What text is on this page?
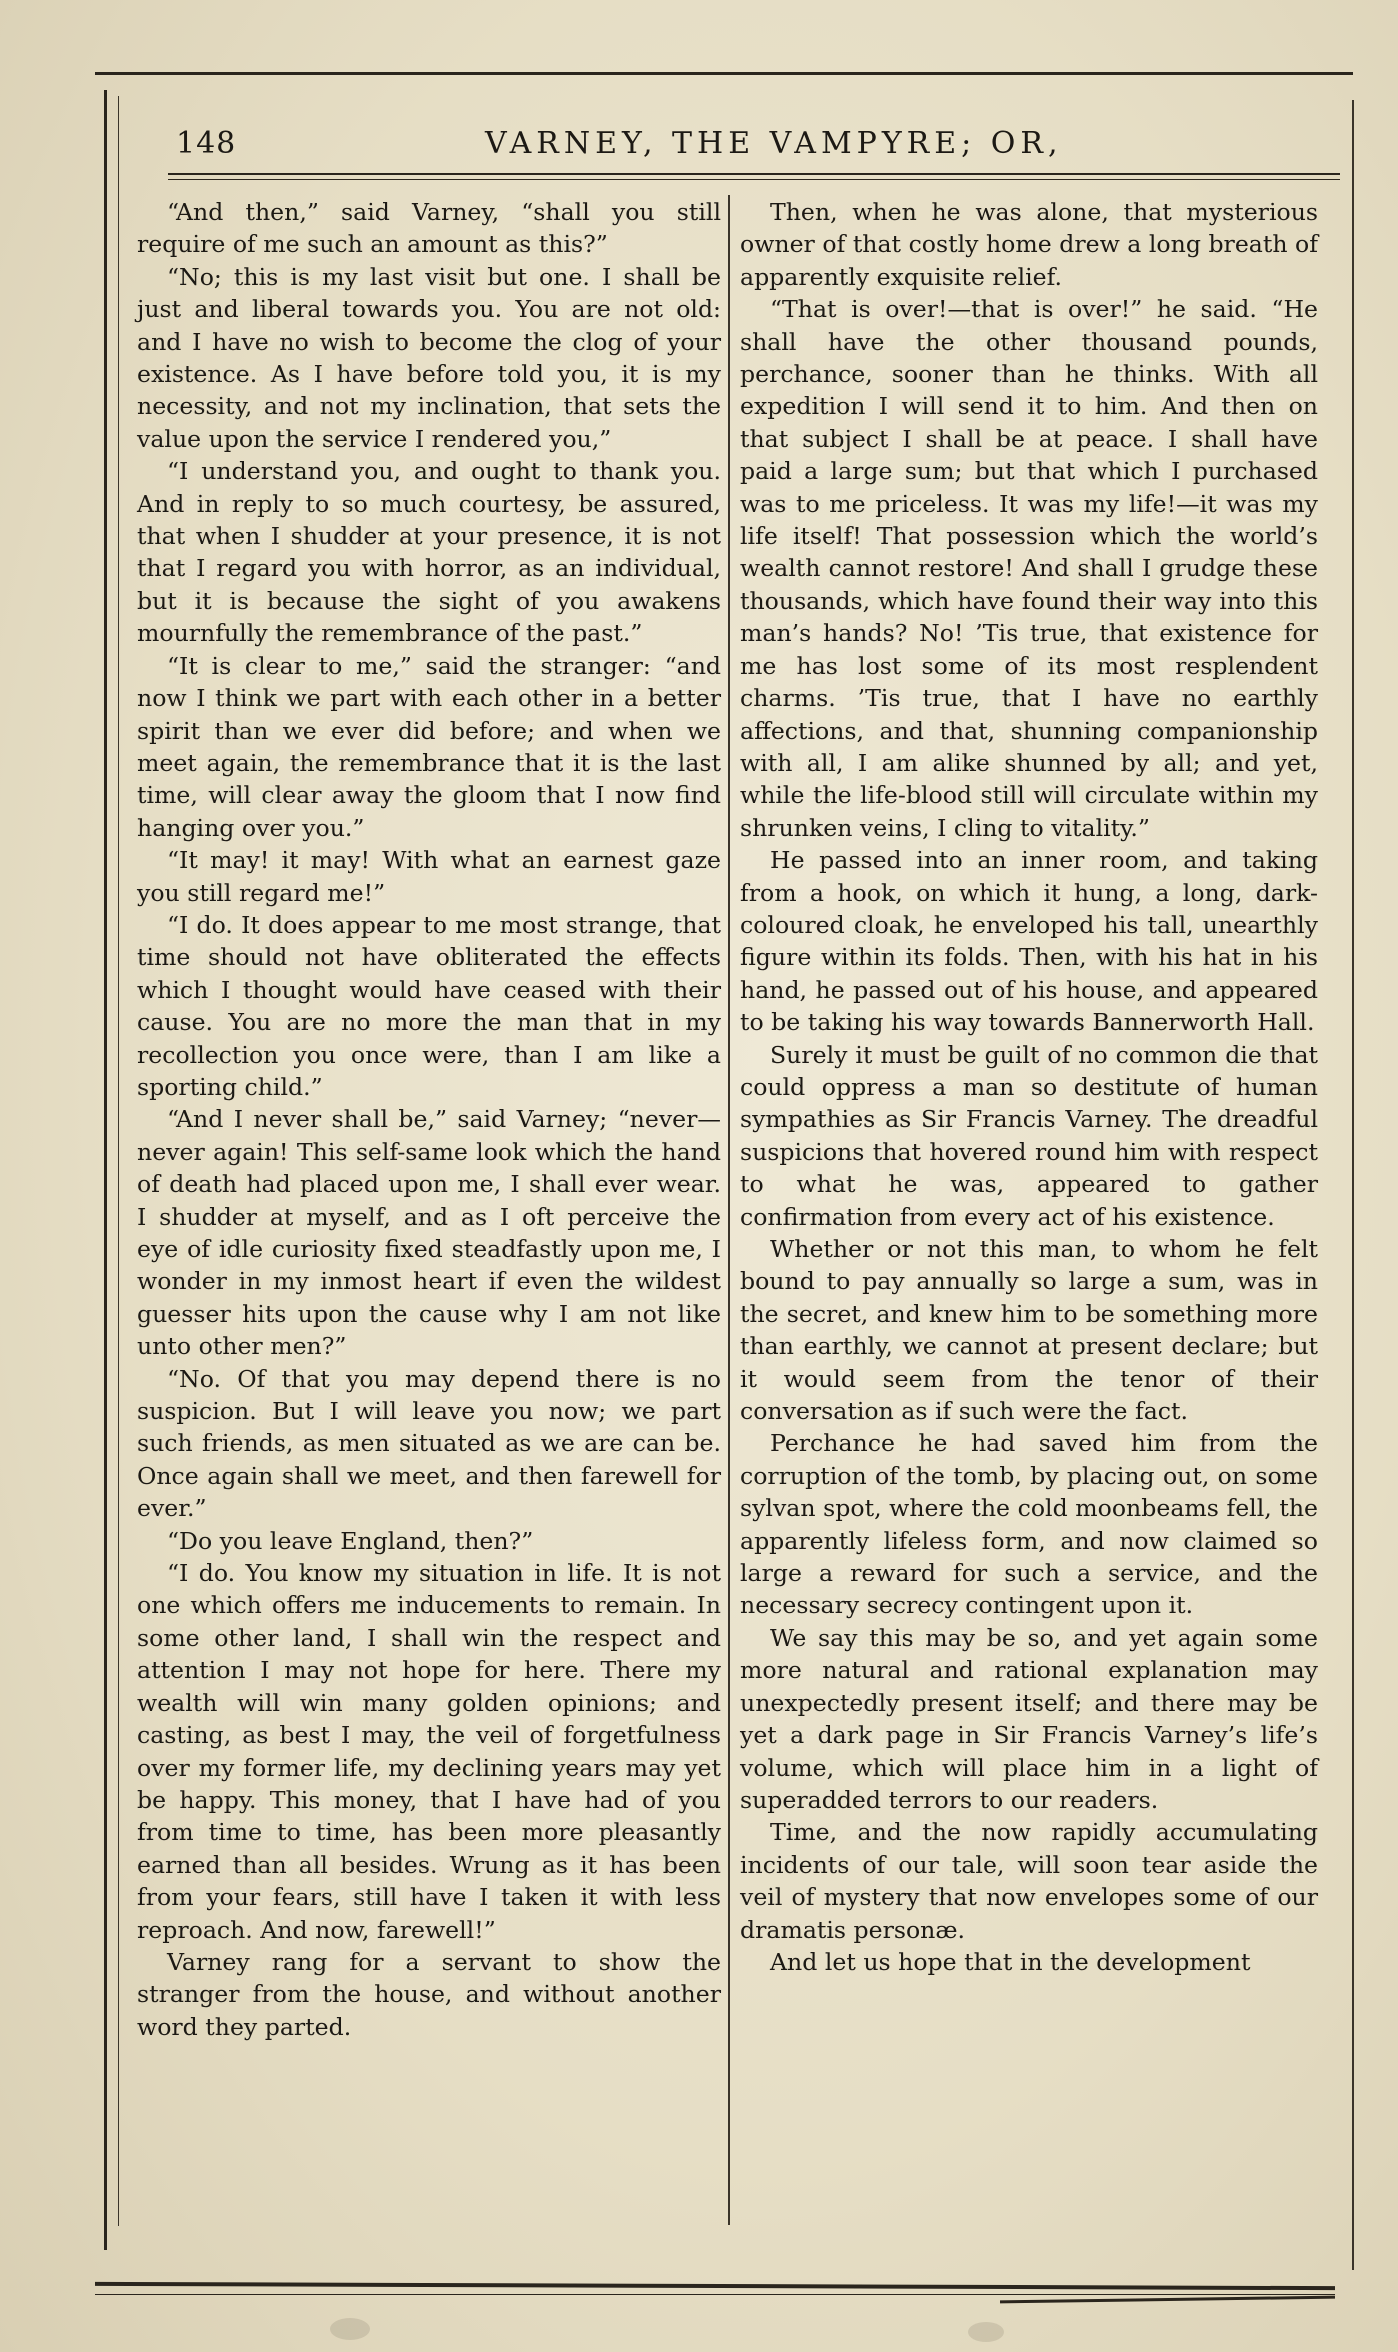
148	VARNEY, THE VAMPYRE; OR,

“And then,” said Varney, “shall you still require of me such an amount as this?”

“No; this is my last visit but one. I shall be just and liberal towards you. You are not old: and I have no wish to become the clog of your existence. As I have before told you, it is my necessity, and not my inclination, that sets the value upon the service I rendered you,”

“I understand you, and ought to thank you. And in reply to so much courtesy, be assured, that when I shudder at your presence, it is not that I regard you with horror, as an individual, but it is because the sight of you awakens mournfully the remembrance of the past.”

“It is clear to me,” said the stranger: “and now I think we part with each other in a better spirit than we ever did before; and when we meet again, the remembrance that it is the last time, will clear away the gloom that I now find hanging over you.”

“It may! it may! With what an earnest gaze you still regard me!”

“I do. It does appear to me most strange, that time should not have obliterated the effects which I thought would have ceased with their cause. You are no more the man that in my recollection you once were, than I am like a sporting child.”

“And I never shall be,” said Varney; “never—never again! This self-same look which the hand of death had placed upon me, I shall ever wear. I shudder at myself, and as I oft perceive the eye of idle curiosity fixed steadfastly upon me, I wonder in my inmost heart if even the wildest guesser hits upon the cause why I am not like unto other men?”

“No. Of that you may depend there is no suspicion. But I will leave you now; we part such friends, as men situated as we are can be. Once again shall we meet, and then farewell for ever.”

“Do you leave England, then?”

“I do. You know my situation in life. It is not one which offers me inducements to remain. In some other land, I shall win the respect and attention I may not hope for here. There my wealth will win many golden opinions; and casting, as best I may, the veil of forgetfulness over my former life, my declining years may yet be happy. This money, that I have had of you from time to time, has been more pleasantly earned than all besides. Wrung as it has been from your fears, still have I taken it with less reproach. And now, farewell!”

Varney rang for a servant to show the stranger from the house, and without another word they parted.

Then, when he was alone, that mysterious owner of that costly home drew a long breath of apparently exquisite relief.

“That is over!—that is over!” he said. “He shall have the other thousand pounds, perchance, sooner than he thinks. With all expedition I will send it to him. And then on that subject I shall be at peace. I shall have paid a large sum; but that which I purchased was to me priceless. It was my life!—it was my life itself! That possession which the world’s wealth cannot restore! And shall I grudge these thousands, which have found their way into this man’s hands? No! ’Tis true, that existence for me has lost some of its most resplendent charms. ’Tis true, that I have no earthly affections, and that, shunning companionship with all, I am alike shunned by all; and yet, while the life-blood still will circulate within my shrunken veins, I cling to vitality.”

He passed into an inner room, and taking from a hook, on which it hung, a long, dark-coloured cloak, he enveloped his tall, unearthly figure within its folds. Then, with his hat in his hand, he passed out of his house, and appeared to be taking his way towards Bannerworth Hall.

Surely it must be guilt of no common die that could oppress a man so destitute of human sympathies as Sir Francis Varney. The dreadful suspicions that hovered round him with respect to what he was, appeared to gather confirmation from every act of his existence.

Whether or not this man, to whom he felt bound to pay annually so large a sum, was in the secret, and knew him to be something more than earthly, we cannot at present declare; but it would seem from the tenor of their conversation as if such were the fact.

Perchance he had saved him from the corruption of the tomb, by placing out, on some sylvan spot, where the cold moonbeams fell, the apparently lifeless form, and now claimed so large a reward for such a service, and the necessary secrecy contingent upon it.

We say this may be so, and yet again some more natural and rational explanation may unexpectedly present itself; and there may be yet a dark page in Sir Francis Varney’s life’s volume, which will place him in a light of superadded terrors to our readers.

Time, and the now rapidly accumulating incidents of our tale, will soon tear aside the veil of mystery that now envelopes some of our dramatis personæ.

And let us hope that in the development
